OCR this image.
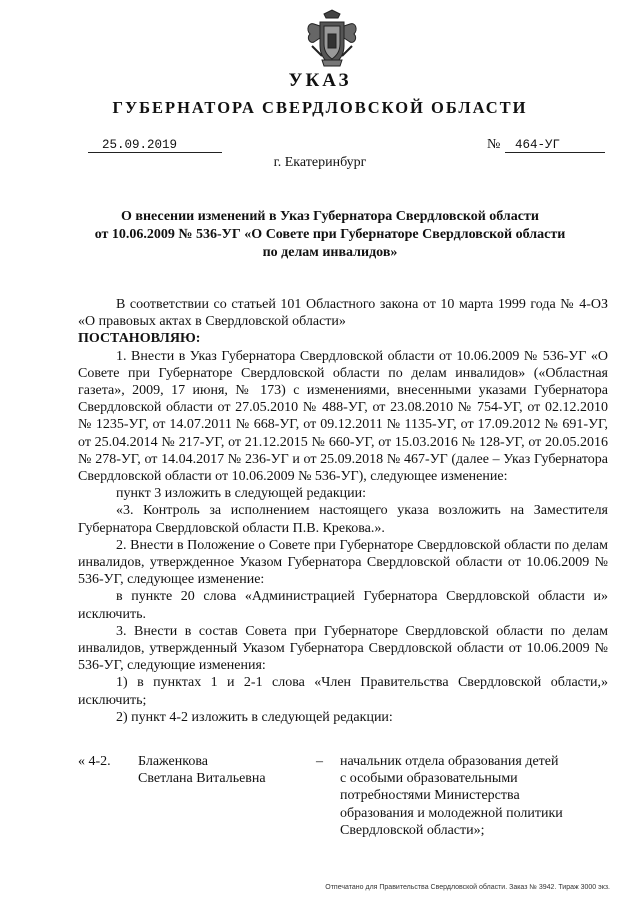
УКАЗ
ГУБЕРНАТОРА СВЕРДЛОВСКОЙ ОБЛАСТИ
25.09.2019	№	464-УГ
г. Екатеринбург
О внесении изменений в Указ Губернатора Свердловской области
от 10.06.2009 № 536-УГ «О Совете при Губернаторе Свердловской области
по делам инвалидов»

В соответствии со статьей 101 Областного закона от 10 марта 1999 года № 4-ОЗ «О правовых актах в Свердловской области»

ПОСТАНОВЛЯЮ:

1. Внести в Указ Губернатора Свердловской области от 10.06.2009 № 536-УГ «О Совете при Губернаторе Свердловской области по делам инвалидов» («Областная газета», 2009, 17 июня, № 173) с изменениями, внесенными указами Губернатора Свердловской области от 27.05.2010 № 488-УГ, от 23.08.2010 № 754-УГ, от 02.12.2010 № 1235-УГ, от 14.07.2011 № 668-УГ, от 09.12.2011 № 1135-УГ, от 17.09.2012 № 691-УГ, от 25.04.2014 № 217-УГ, от 21.12.2015 № 660-УГ, от 15.03.2016 № 128-УГ, от 20.05.2016 № 278-УГ, от 14.04.2017 № 236-УГ и от 25.09.2018 № 467-УГ (далее – Указ Губернатора Свердловской области от 10.06.2009 № 536-УГ), следующее изменение:

пункт 3 изложить в следующей редакции:

«3. Контроль за исполнением настоящего указа возложить на Заместителя Губернатора Свердловской области П.В. Крекова.».

2. Внести в Положение о Совете при Губернаторе Свердловской области по делам инвалидов, утвержденное Указом Губернатора Свердловской области от 10.06.2009 № 536-УГ, следующее изменение:

в пункте 20 слова «Администрацией Губернатора Свердловской области и» исключить.

3. Внести в состав Совета при Губернаторе Свердловской области по делам инвалидов, утвержденный Указом Губернатора Свердловской области от 10.06.2009 № 536-УГ, следующие изменения:

1) в пунктах 1 и 2-1 слова «Член Правительства Свердловской области,» исключить;

2) пункт 4-2 изложить в следующей редакции:

« 4-2. Блаженкова
Светлана Витальевна
– начальник отдела образования детей
с особыми образовательными
потребностями Министерства
образования и молодежной политики
Свердловской области»;
Отпечатано для Правительства Свердловской области. Заказ № 3942. Тираж 3000 экз.
